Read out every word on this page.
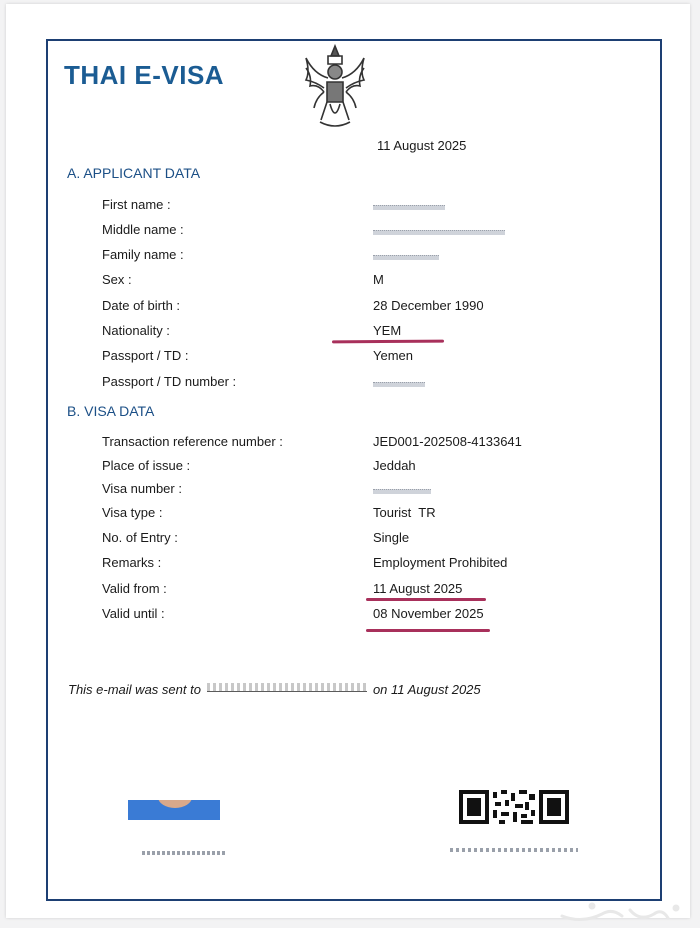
THAI E-VISA
11 August 2025
A. APPLICANT DATA
First name :
Middle name :
Family name :
Sex :	M
Date of birth :	28 December 1990
Nationality :	YEM
Passport / TD :	Yemen
Passport / TD number :
B. VISA DATA
Transaction reference number :	JED001-202508-4133641
Place of issue :	Jeddah
Visa number :
Visa type :	Tourist  TR
No. of Entry :	Single
Remarks :	Employment Prohibited
Valid from :	11 August 2025
Valid until :	08 November 2025
This e-mail was sent to	on 11 August 2025
